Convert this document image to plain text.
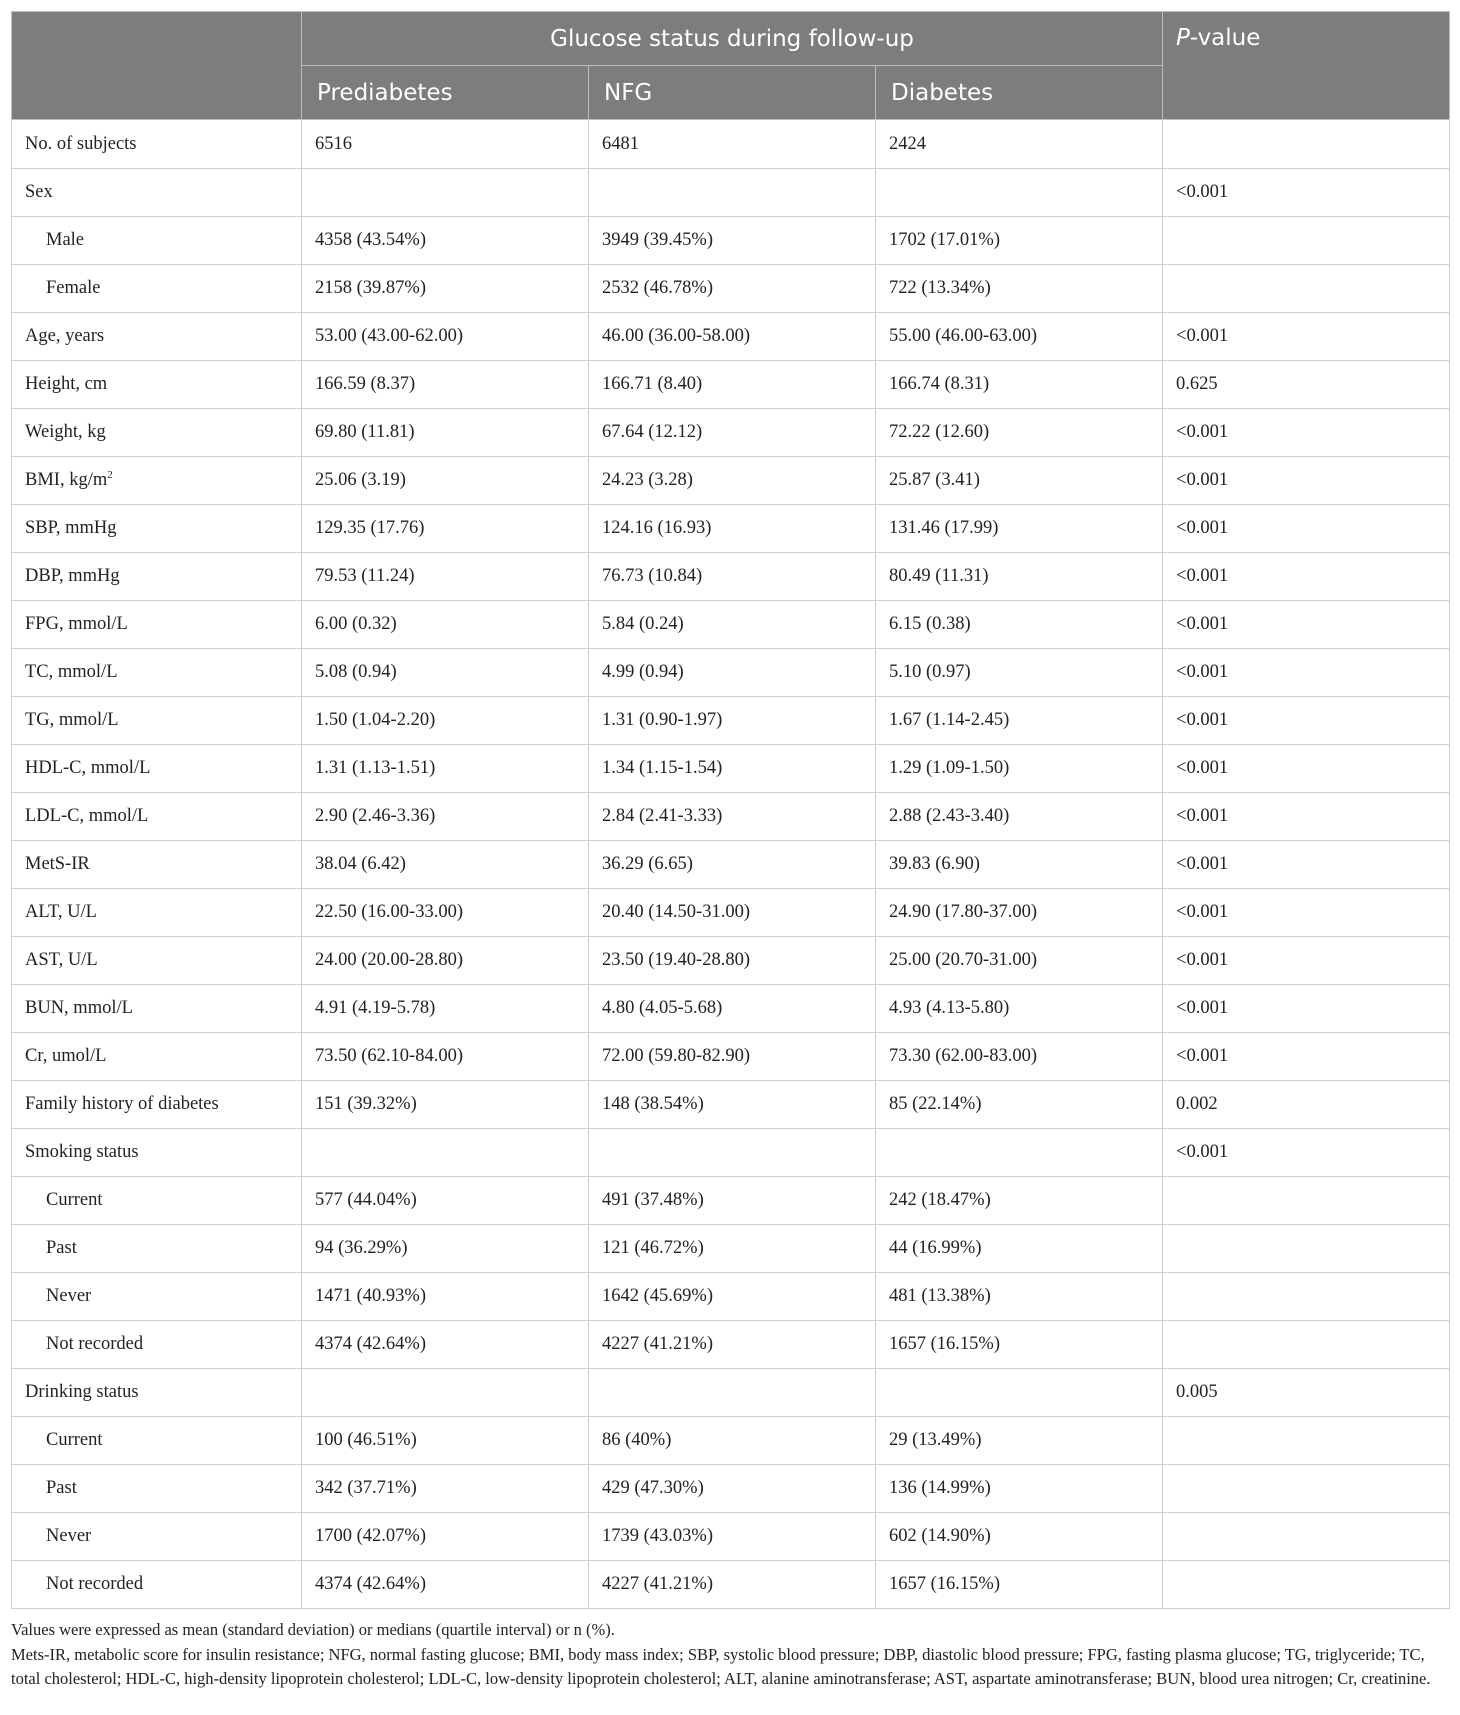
	Glucose status during follow-up			P-value
	Prediabetes	NFG	Diabetes	
No. of subjects	6516	6481	2424	
Sex				<0.001
Male	4358 (43.54%)	3949 (39.45%)	1702 (17.01%)	
Female	2158 (39.87%)	2532 (46.78%)	722 (13.34%)	
Age, years	53.00 (43.00-62.00)	46.00 (36.00-58.00)	55.00 (46.00-63.00)	<0.001
Height, cm	166.59 (8.37)	166.71 (8.40)	166.74 (8.31)	0.625
Weight, kg	69.80 (11.81)	67.64 (12.12)	72.22 (12.60)	<0.001
BMI, $kg/m^2$	25.06 (3.19)	24.23 (3.28)	25.87 (3.41)	<0.001
SBP, mmHg	129.35 (17.76)	124.16 (16.93)	131.46 (17.99)	<0.001
DBP, mmHg	79.53 (11.24)	76.73 (10.84)	80.49 (11.31)	<0.001
FPG, mmol/L	6.00 (0.32)	5.84 (0.24)	6.15 (0.38)	<0.001
TC, mmol/L	5.08 (0.94)	4.99 (0.94)	5.10 (0.97)	<0.001
TG, mmol/L	1.50 (1.04-2.20)	1.31 (0.90-1.97)	1.67 (1.14-2.45)	<0.001
HDL-C, mmol/L	1.31 (1.13-1.51)	1.34 (1.15-1.54)	1.29 (1.09-1.50)	<0.001
LDL-C, mmol/L	2.90 (2.46-3.36)	2.84 (2.41-3.33)	2.88 (2.43-3.40)	<0.001
MetS-IR	38.04 (6.42)	36.29 (6.65)	39.83 (6.90)	<0.001
ALT, U/L	22.50 (16.00-33.00)	20.40 (14.50-31.00)	24.90 (17.80-37.00)	<0.001
AST, U/L	24.00 (20.00-28.80)	23.50 (19.40-28.80)	25.00 (20.70-31.00)	<0.001
BUN, mmol/L	4.91 (4.19-5.78)	4.80 (4.05-5.68)	4.93 (4.13-5.80)	<0.001
Cr, umol/L	73.50 (62.10-84.00)	72.00 (59.80-82.90)	73.30 (62.00-83.00)	<0.001
Family history of diabetes	151 (39.32%)	148 (38.54%)	85 (22.14%)	0.002
Smoking status				<0.001
Current	577 (44.04%)	491 (37.48%)	242 (18.47%)	
Past	94 (36.29%)	121 (46.72%)	44 (16.99%)	
Never	1471 (40.93%)	1642 (45.69%)	481 (13.38%)	
Not recorded	4374 (42.64%)	4227 (41.21%)	1657 (16.15%)	
Drinking status				0.005
Current	100 (46.51%)	86 (40%)	29 (13.49%)	
Past	342 (37.71%)	429 (47.30%)	136 (14.99%)	
Never	1700 (42.07%)	1739 (43.03%)	602 (14.90%)	
Not recorded	4374 (42.64%)	4227 (41.21%)	1657 (16.15%)	

Values were expressed as mean (standard deviation) or medians (quartile interval) or n (%).

Mets-IR, metabolic score for insulin resistance; NFG, normal fasting glucose; BMI, body mass index; SBP, systolic blood pressure; DBP, diastolic blood pressure; FPG, fasting plasma glucose; TG, triglyceride; TC, total cholesterol; HDL-C, high-density lipoprotein cholesterol; LDL-C, low-density lipoprotein cholesterol; ALT, alanine aminotransferase; AST, aspartate aminotransferase; BUN, blood urea nitrogen; Cr, creatinine.
